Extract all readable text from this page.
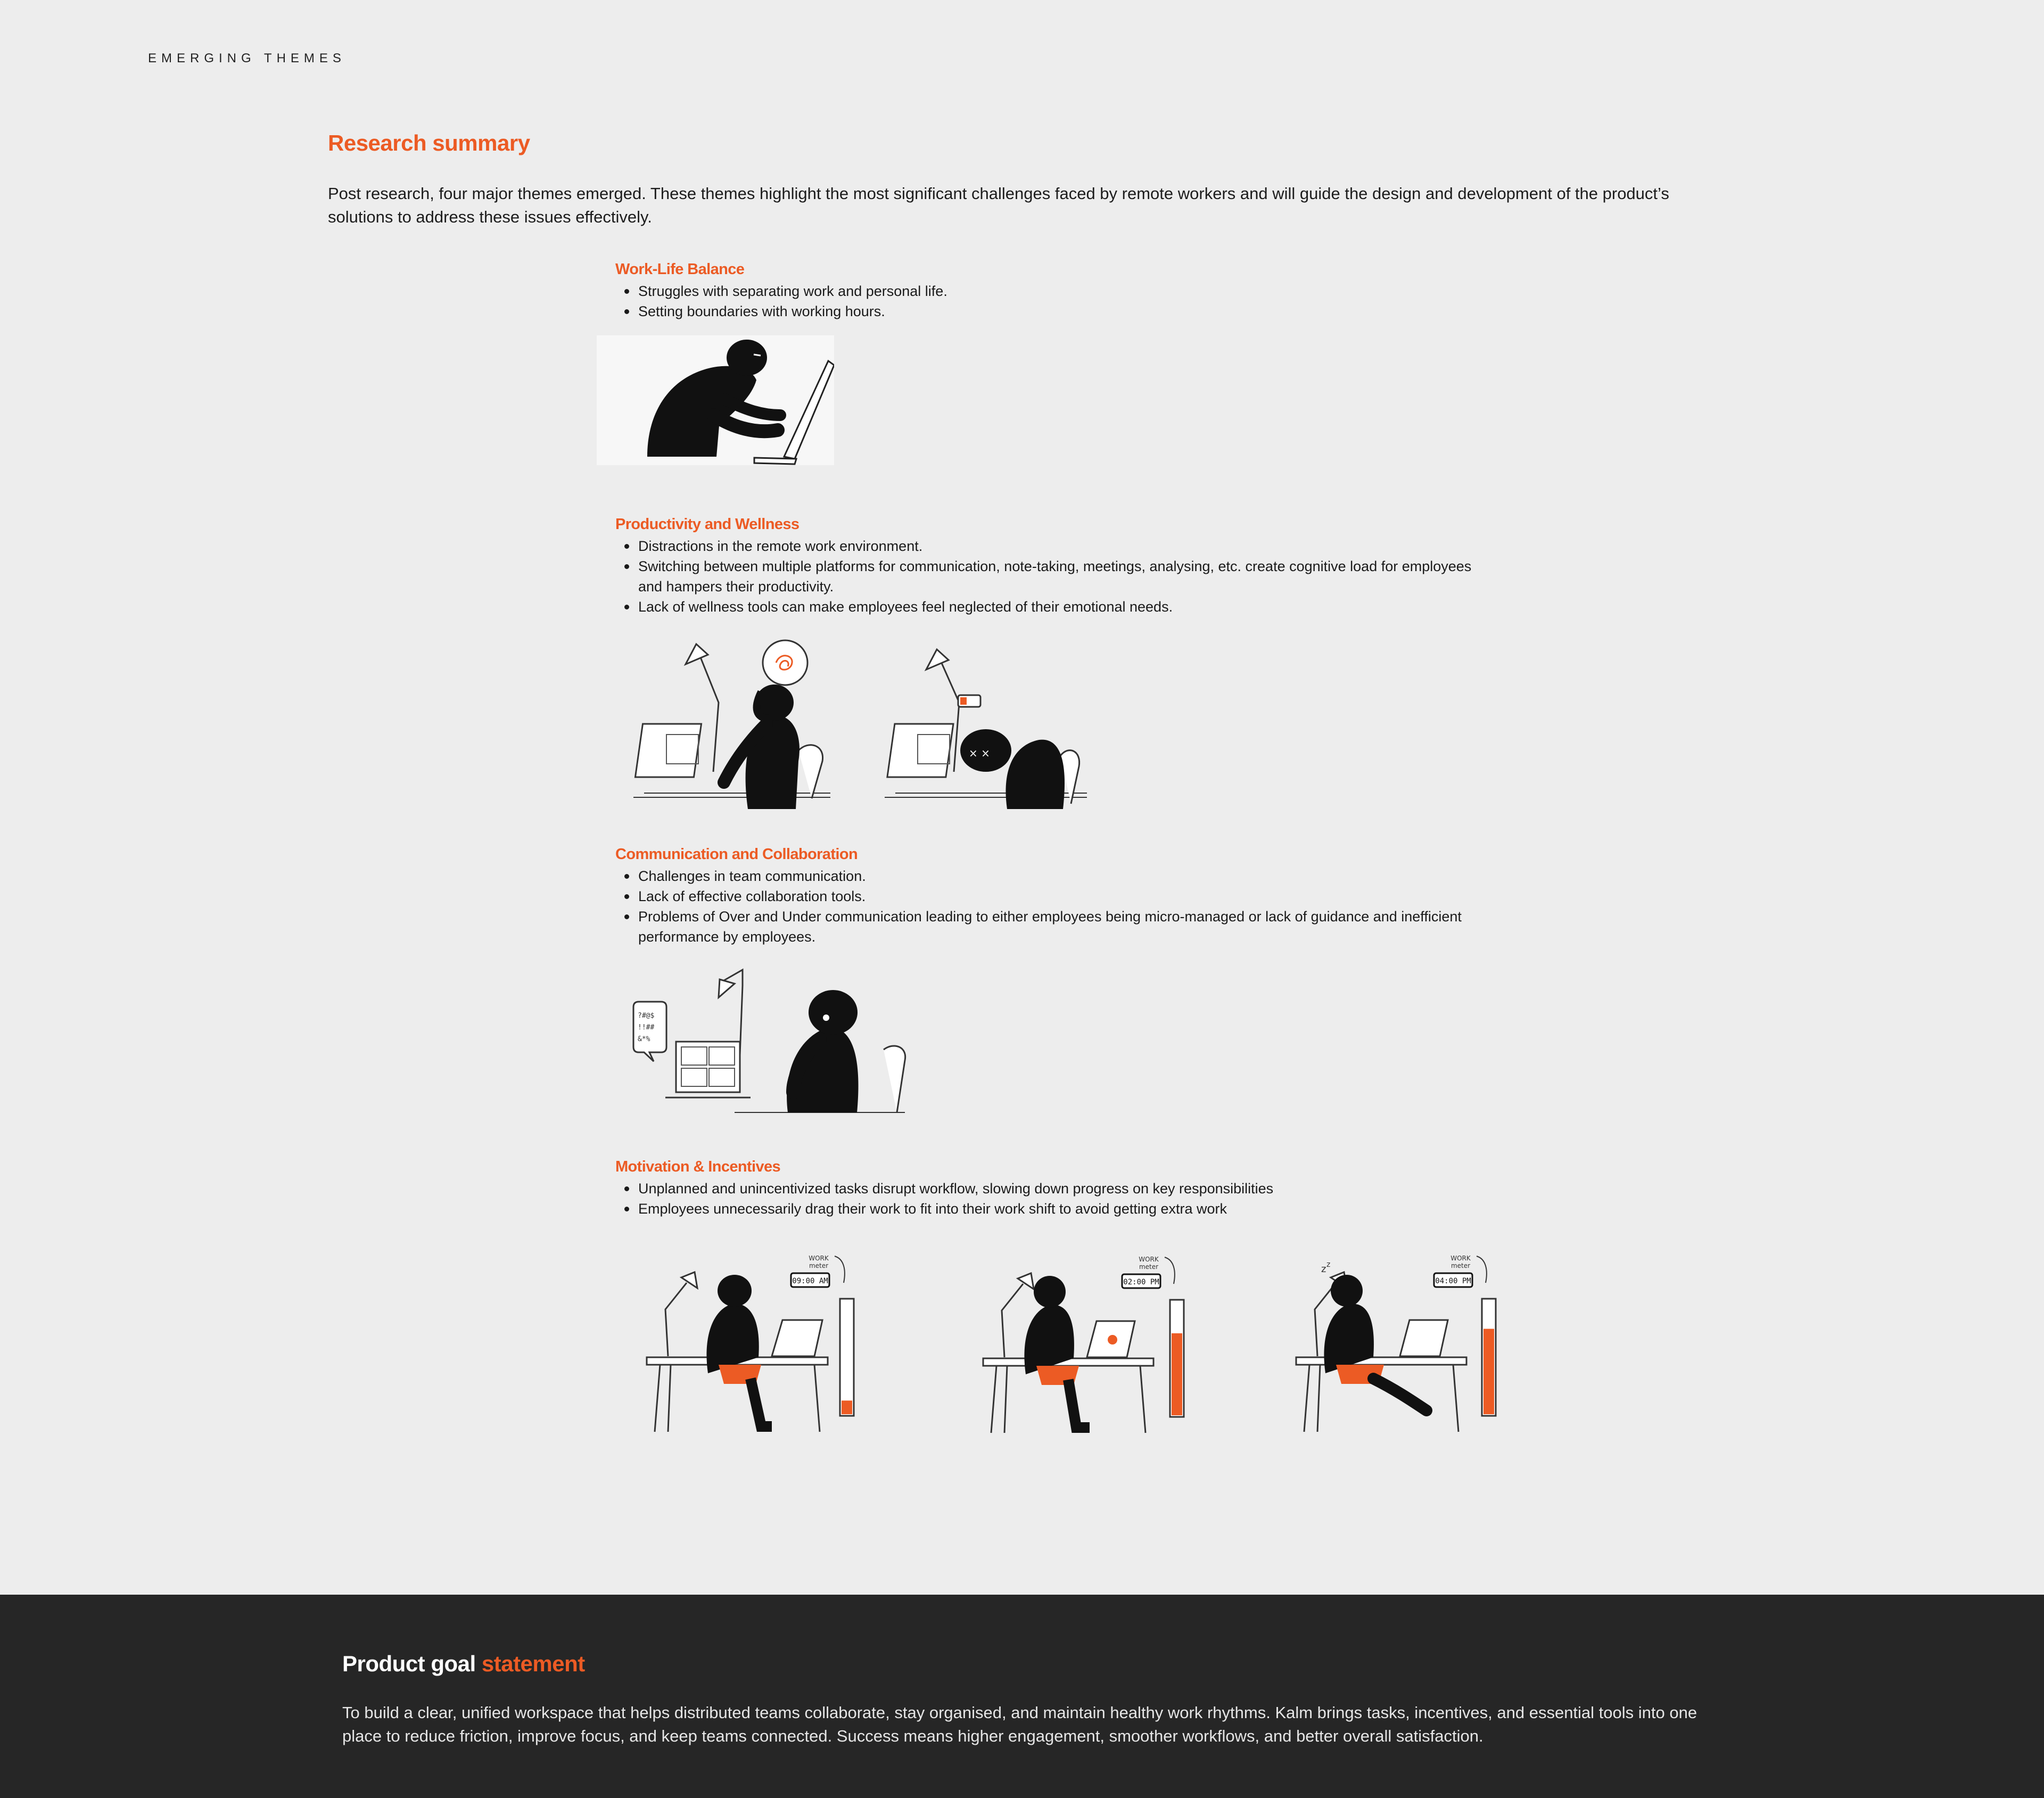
EMERGING THEMES
Research summary

Post research, four major themes emerged. These themes highlight the most significant challenges faced by remote workers and will guide the design and development of the product’s solutions to address these issues effectively.

Work-Life Balance
Struggles with separating work and personal life.
Setting boundaries with working hours.
Productivity and Wellness
Distractions in the remote work environment.
Switching between multiple platforms for communication, note-taking, meetings, analysing, etc. create cognitive load for employees and hampers their productivity.
Lack of wellness tools can make employees feel neglected of their emotional needs.
× ×
Communication and Collaboration
Challenges in team communication.
Lack of effective collaboration tools.
Problems of Over and Under communication leading to either employees being micro-managed or lack of guidance and inefficient performance by employees.
?#@$
!!##
&*%
Motivation & Incentives
Unplanned and unincentivized tasks disrupt workflow, slowing down progress on key responsibilities
Employees unnecessarily drag their work to fit into their work shift to avoid getting extra work
09:00 AM
WORK
meter
02:00 PM
WORK
meter	z z
04:00 PM
WORK
meter
Product goal statement

To build a clear, unified workspace that helps distributed teams collaborate, stay organised, and maintain healthy work rhythms. Kalm brings tasks, incentives, and essential tools into one place to reduce friction, improve focus, and keep teams connected. Success means higher engagement, smoother workflows, and better overall satisfaction.
